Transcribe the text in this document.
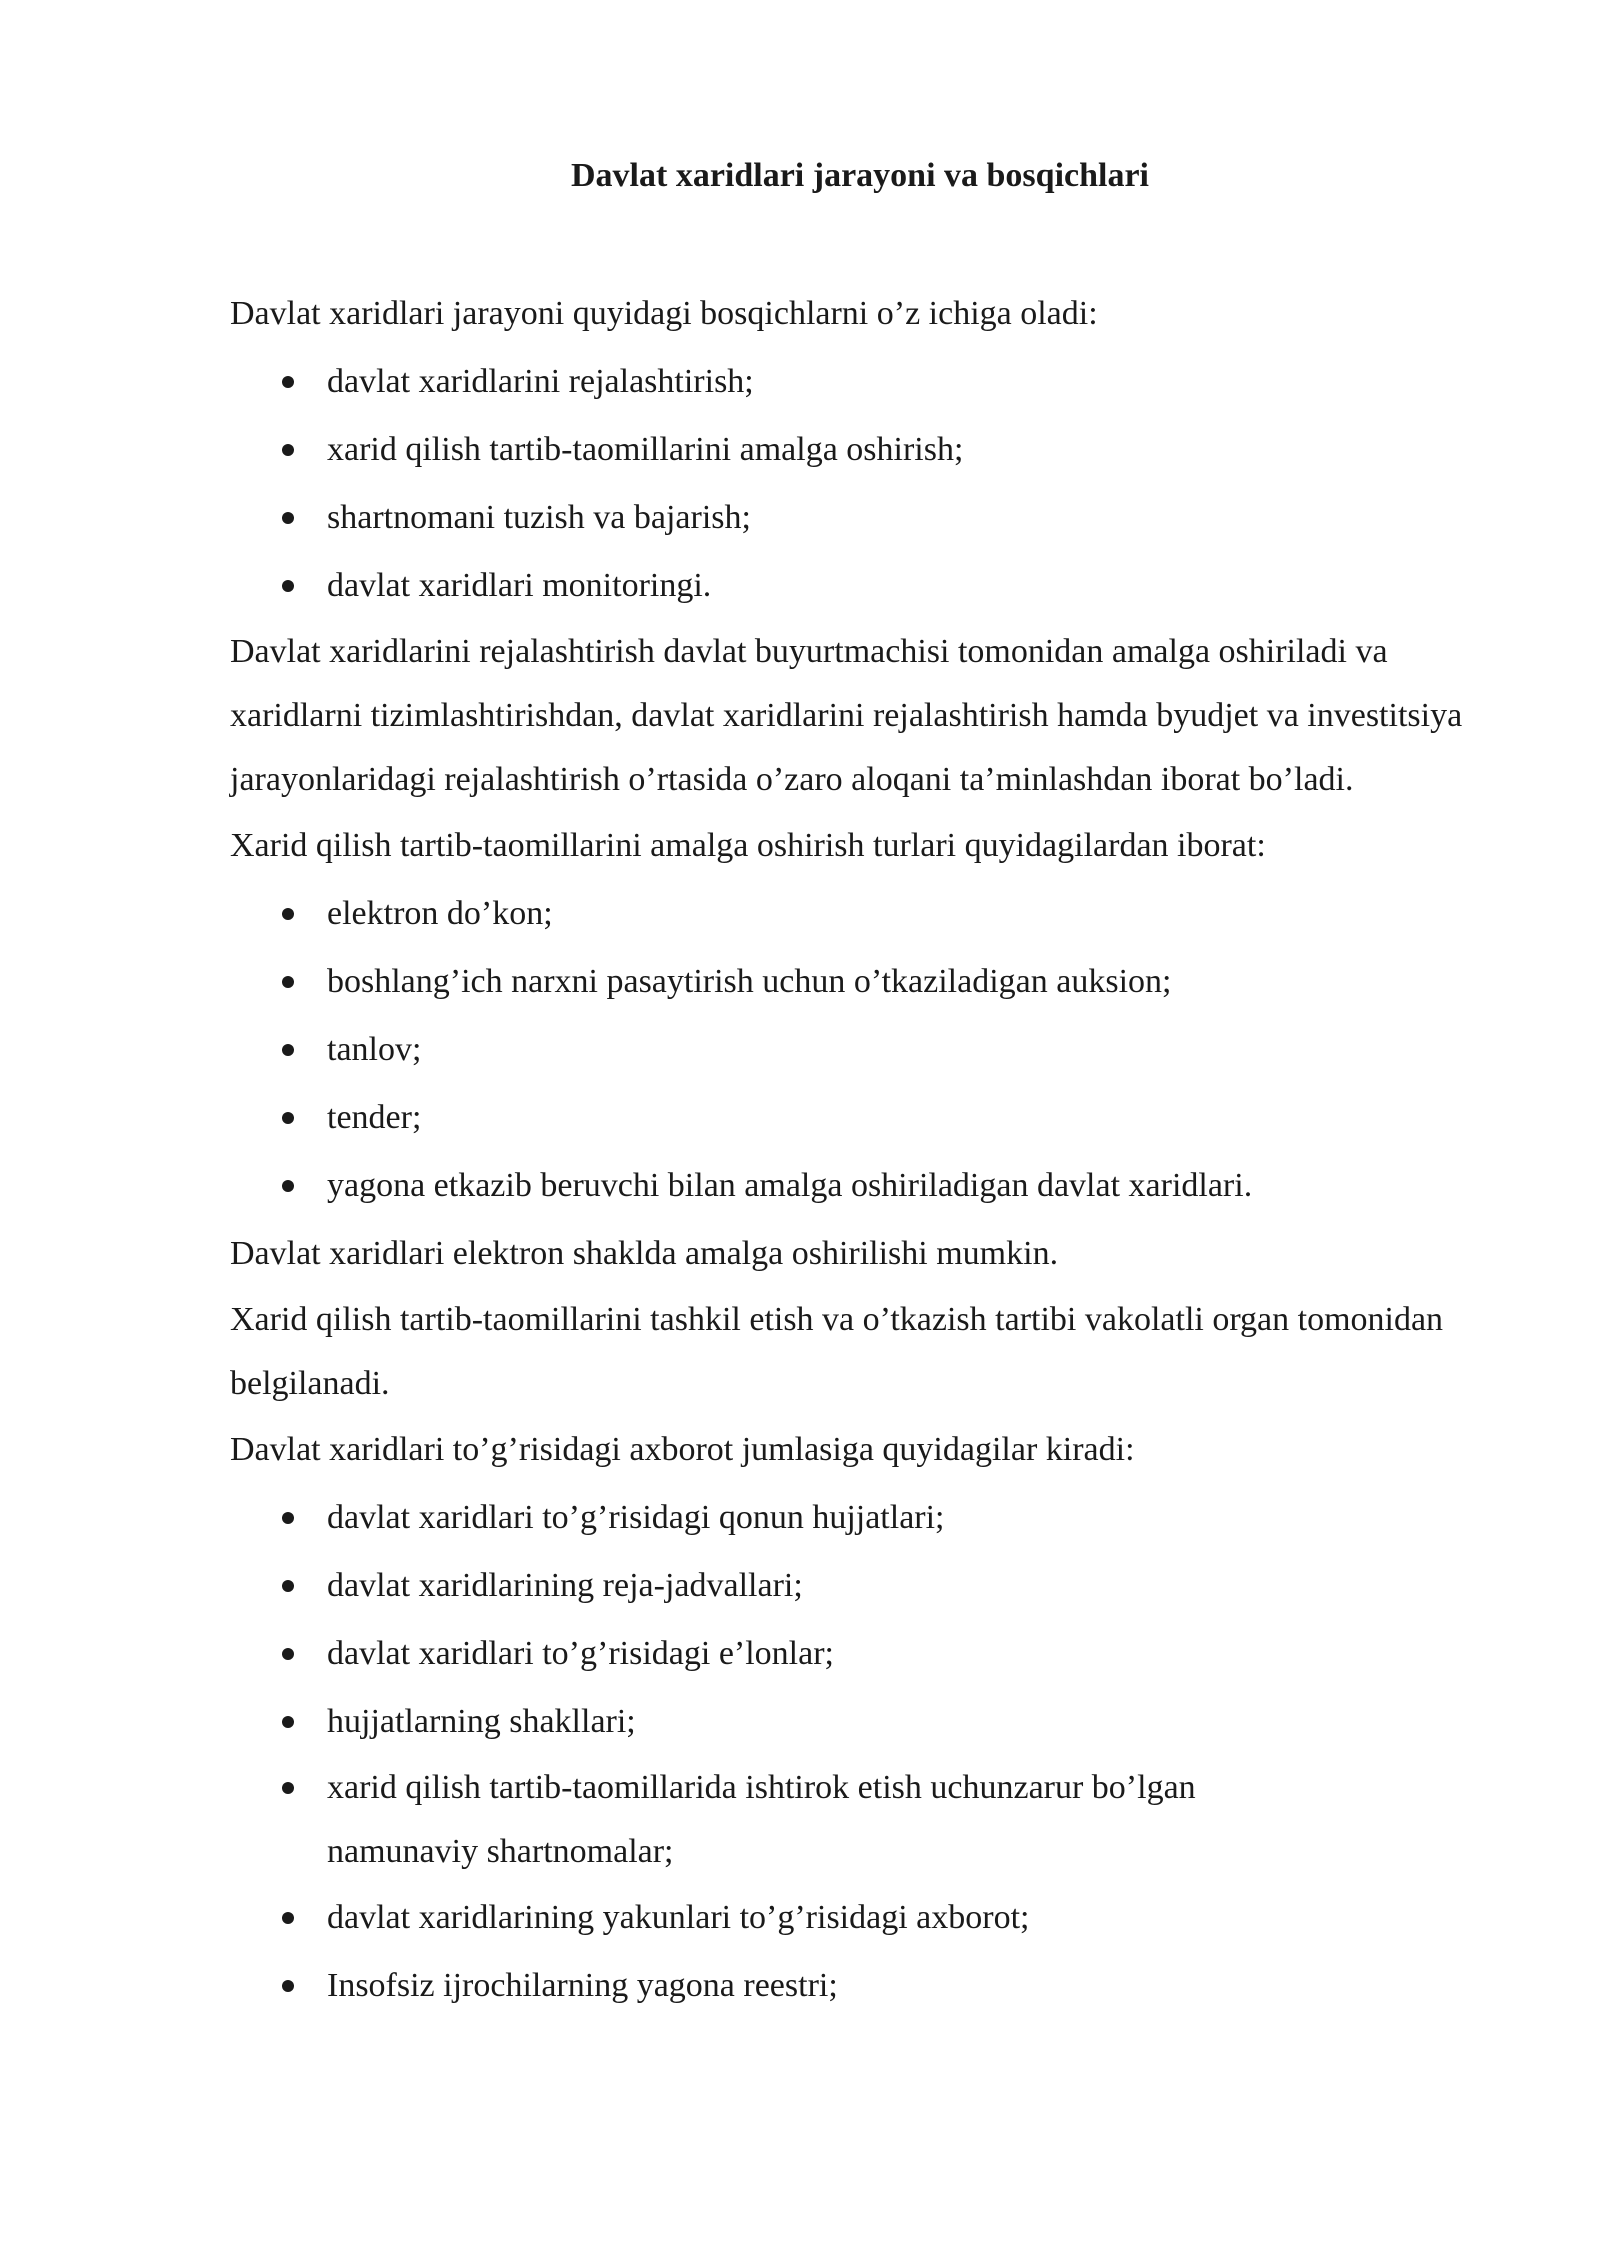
Davlat xaridlari jarayoni va bosqichlari

Davlat xaridlari jarayoni quyidagi bosqichlarni o’z ichiga oladi:

davlat xaridlarini rejalashtirish;
xarid qilish tartib-taomillarini amalga oshirish;
shartnomani tuzish va bajarish;
davlat xaridlari monitoringi.

Davlat xaridlarini rejalashtirish davlat buyurtmachisi tomonidan amalga oshiriladi va xaridlarni tizimlashtirishdan, davlat xaridlarini rejalashtirish hamda byudjet va investitsiya jarayonlaridagi rejalashtirish o’rtasida o’zaro aloqani ta’minlashdan iborat bo’ladi.

Xarid qilish tartib-taomillarini amalga oshirish turlari quyidagilardan iborat:

elektron do’kon;
boshlang’ich narxni pasaytirish uchun o’tkaziladigan auksion;
tanlov;
tender;
yagona etkazib beruvchi bilan amalga oshiriladigan davlat xaridlari.

Davlat xaridlari elektron shaklda amalga oshirilishi mumkin.

Xarid qilish tartib-taomillarini tashkil etish va o’tkazish tartibi vakolatli organ tomonidan belgilanadi.

Davlat xaridlari to’g’risidagi axborot jumlasiga quyidagilar kiradi:

davlat xaridlari to’g’risidagi qonun hujjatlari;
davlat xaridlarining reja-jadvallari;
davlat xaridlari to’g’risidagi e’lonlar;
hujjatlarning shakllari;
xarid qilish tartib-taomillarida ishtirok etish uchunzarur bo’lgan namunaviy shartnomalar;
davlat xaridlarining yakunlari to’g’risidagi axborot;
Insofsiz ijrochilarning yagona reestri;
